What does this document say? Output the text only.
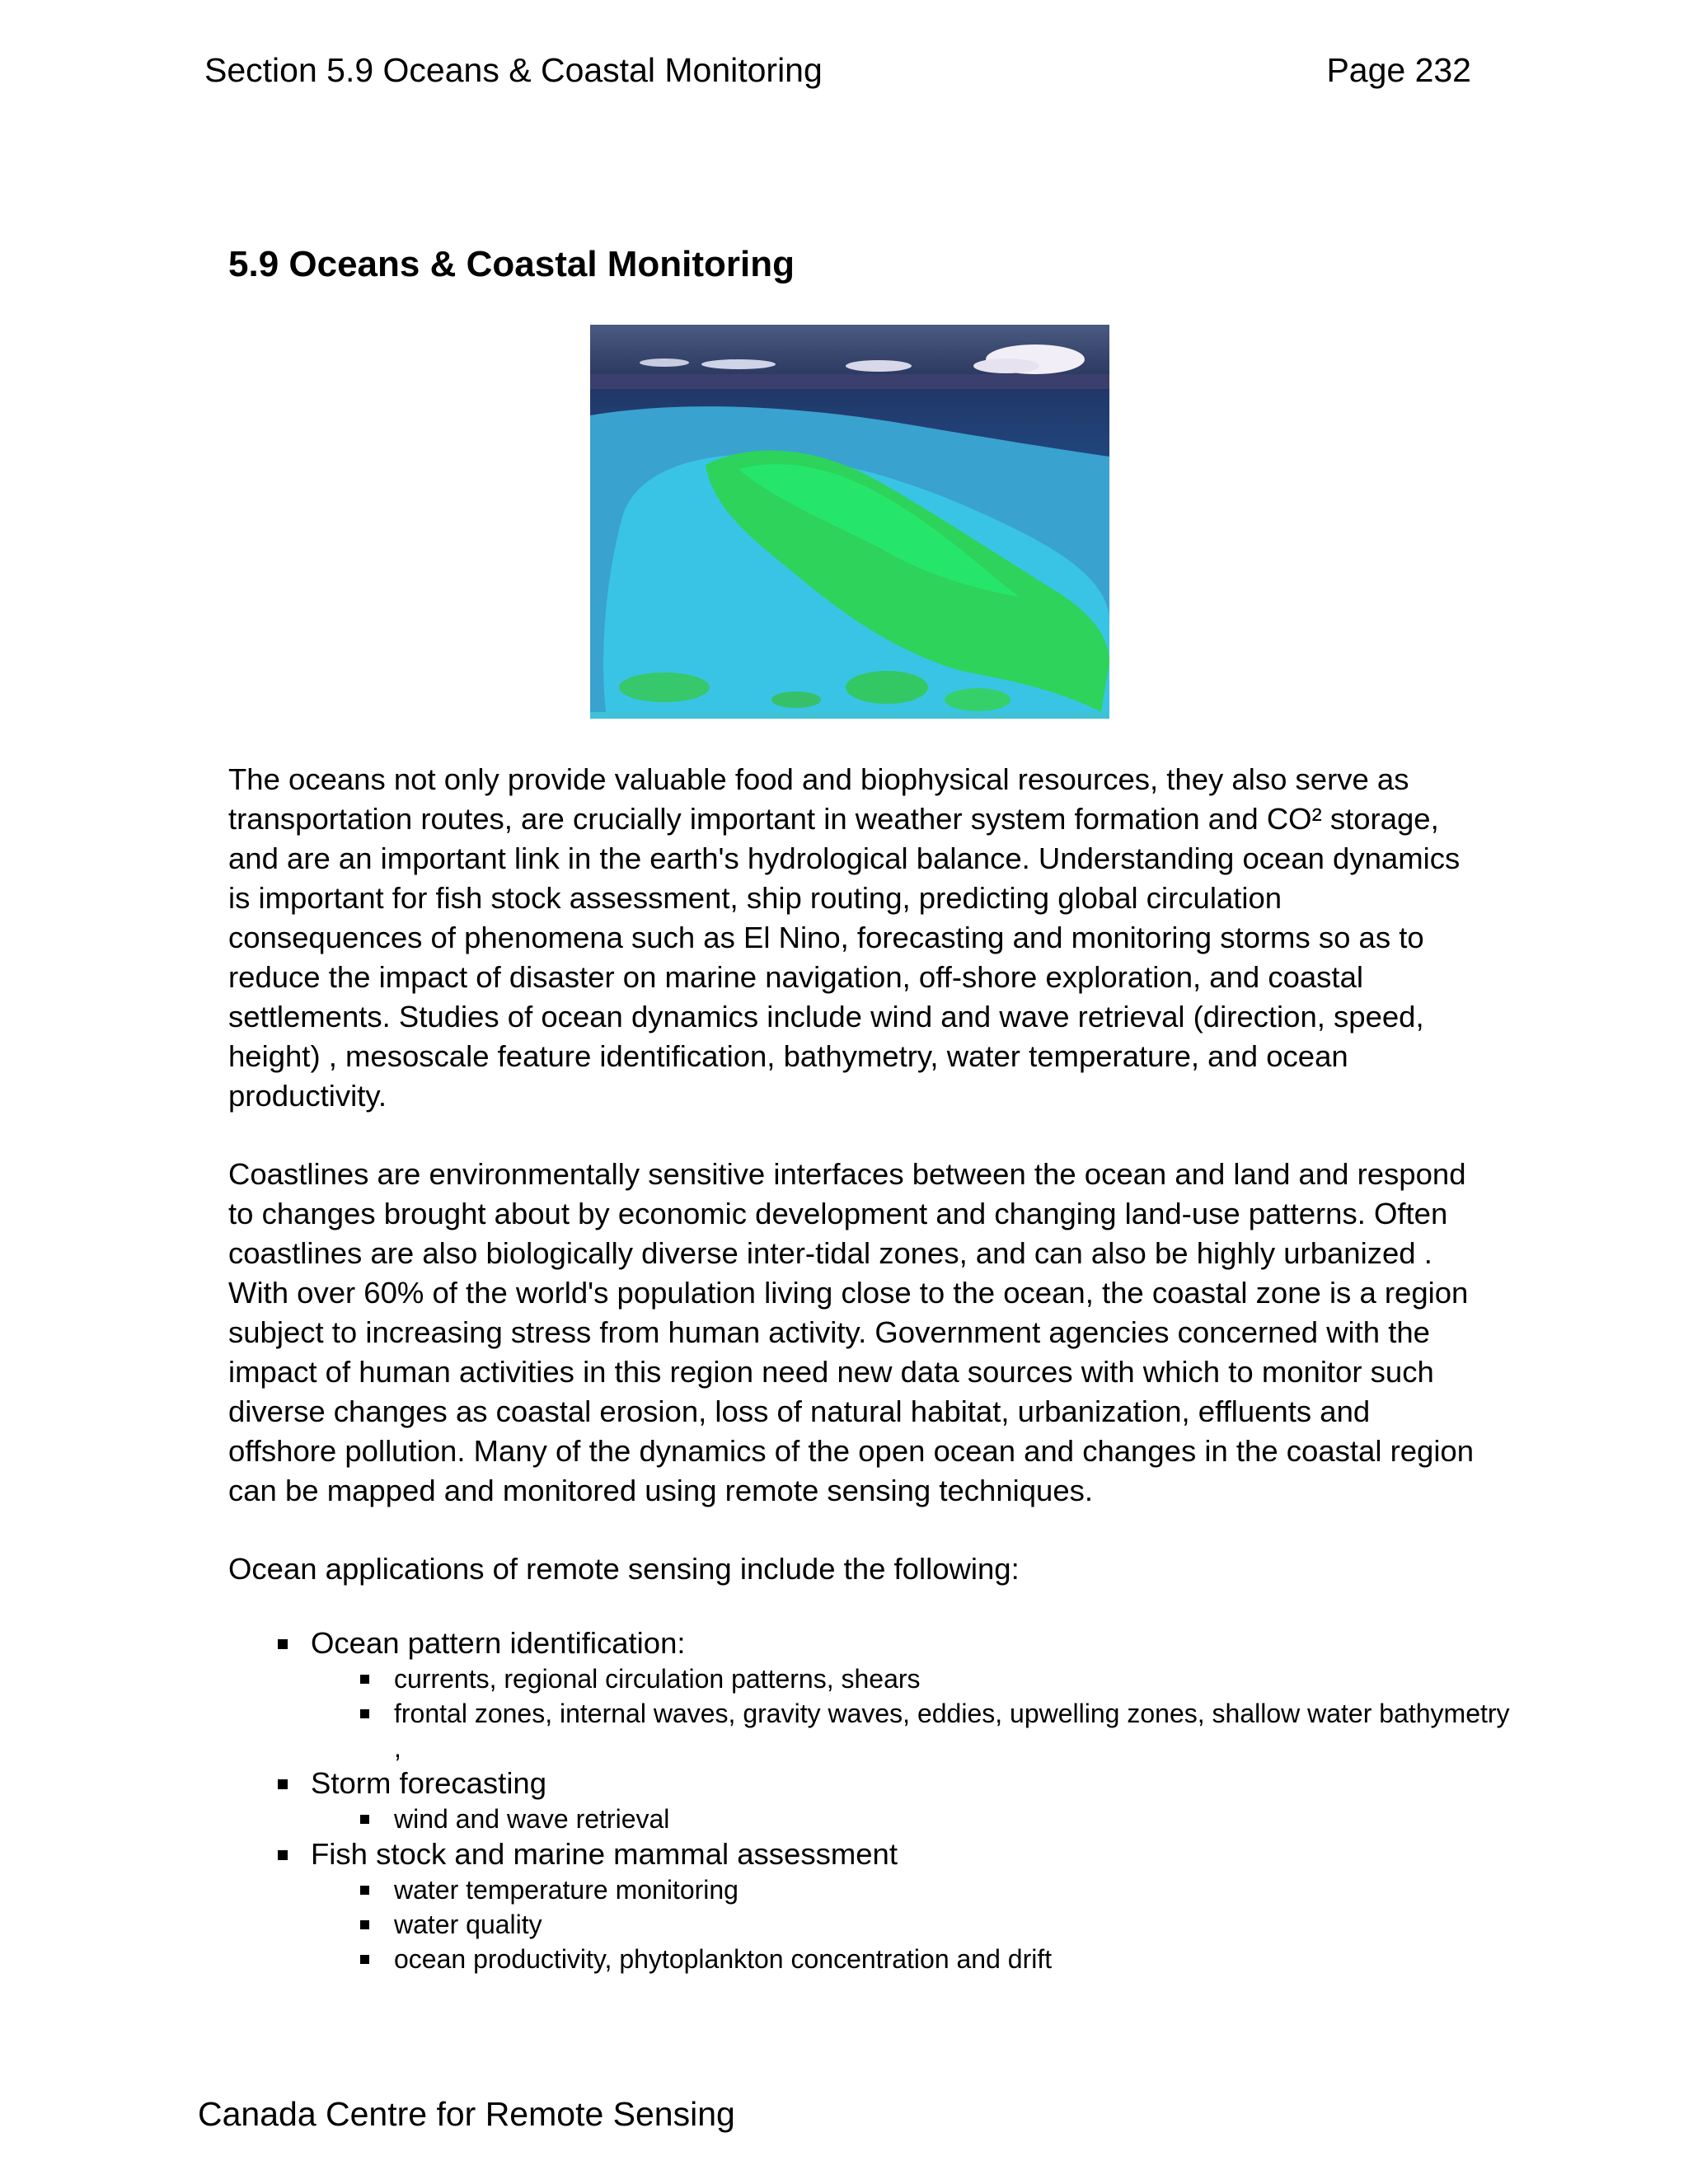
Section 5.9 Oceans & Coastal Monitoring	Page 232
5.9 Oceans & Coastal Monitoring
The oceans not only provide valuable food and biophysical resources, they also serve as transportation routes, are crucially important in weather system formation and CO² storage, and are an important link in the earth's hydrological balance. Understanding ocean dynamics is important for fish stock assessment, ship routing, predicting global circulation consequences of phenomena such as El Nino, forecasting and monitoring storms so as to reduce the impact of disaster on marine navigation, off-shore exploration, and coastal settlements. Studies of ocean dynamics include wind and wave retrieval (direction, speed, height) , mesoscale feature identification, bathymetry, water temperature, and ocean productivity.
Coastlines are environmentally sensitive interfaces between the ocean and land and respond to changes brought about by economic development and changing land-use patterns. Often coastlines are also biologically diverse inter-tidal zones, and can also be highly urbanized . With over 60% of the world's population living close to the ocean, the coastal zone is a region subject to increasing stress from human activity. Government agencies concerned with the impact of human activities in this region need new data sources with which to monitor such diverse changes as coastal erosion, loss of natural habitat, urbanization, effluents and offshore pollution. Many of the dynamics of the open ocean and changes in the coastal region can be mapped and monitored using remote sensing techniques.
Ocean applications of remote sensing include the following:
Ocean pattern identification:
currents, regional circulation patterns, shears
frontal zones, internal waves, gravity waves, eddies, upwelling zones, shallow water bathymetry ,
Storm forecasting
wind and wave retrieval
Fish stock and marine mammal assessment
water temperature monitoring
water quality
ocean productivity, phytoplankton concentration and drift
Canada Centre for Remote Sensing
